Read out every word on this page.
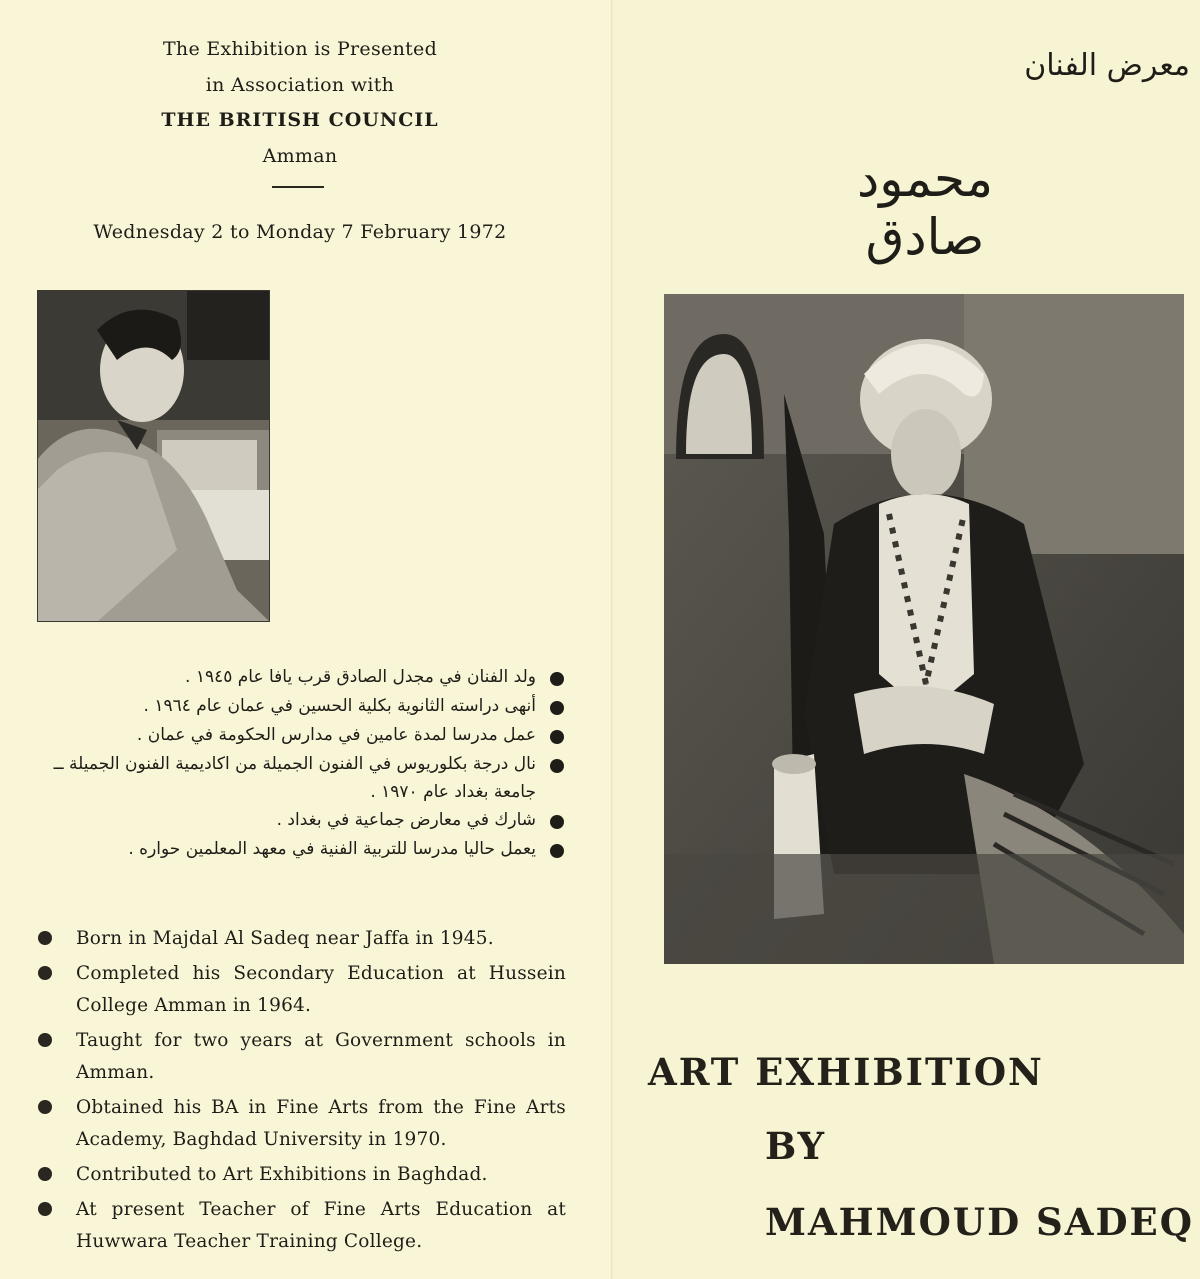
The Exhibition is Presented
in Association with
THE BRITISH COUNCIL
Amman
Wednesday 2 to Monday 7 February 1972
ولد الفنان في مجدل الصادق قرب يافا عام ١٩٤٥ .
أنهى دراسته الثانوية بكلية الحسين في عمان عام ١٩٦٤ .
عمل مدرسا لمدة عامين في مدارس الحكومة في عمان .
نال درجة بكلوريوس في الفنون الجميلة من اكاديمية الفنون الجميلة ــ جامعة بغداد عام ١٩٧٠ .
شارك في معارض جماعية في بغداد .
يعمل حاليا مدرسا للتربية الفنية في معهد المعلمين حواره .
Born in Majdal Al Sadeq near Jaffa in 1945.
Completed his Secondary Education at Hussein College Amman in 1964.
Taught for two years at Government schools in Amman.
Obtained his BA in Fine Arts from the Fine Arts Academy, Baghdad University in 1970.
Contributed to Art Exhibitions in Baghdad.
At present Teacher of Fine Arts Education at Huwwara Teacher Training College.
معرض الفنان
محمود صادق
ART EXHIBITION
BY
MAHMOUD SADEQ
